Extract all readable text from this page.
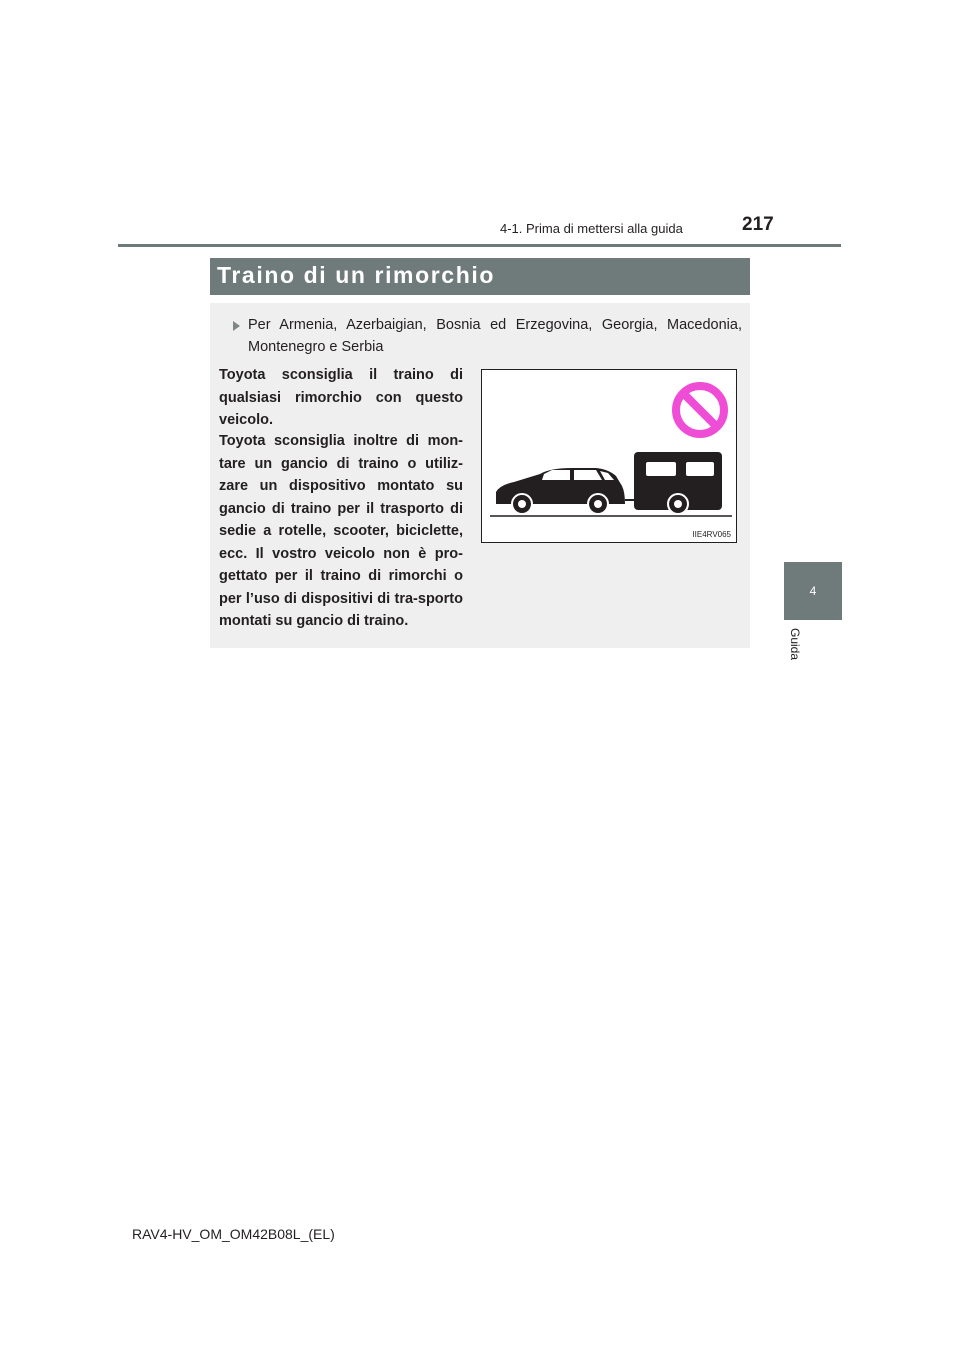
4-1. Prima di mettersi alla guida	217
4
Guida
Traino di un rimorchio
Per Armenia, Azerbaigian, Bosnia ed Erzegovina, Georgia, Macedonia, Montenegro e Serbia
Toyota sconsiglia il traino di qualsiasi rimorchio con questo veicolo.
Toyota sconsiglia inoltre di mon-tare un gancio di traino o utiliz-zare un dispositivo montato su gancio di traino per il trasporto di sedie a rotelle, scooter, biciclette, ecc. Il vostro veicolo non è pro-gettato per il traino di rimorchi o per l’uso di dispositivi di tra-sporto montati su gancio di traino.
IIE4RV065
RAV4-HV_OM_OM42B08L_(EL)
